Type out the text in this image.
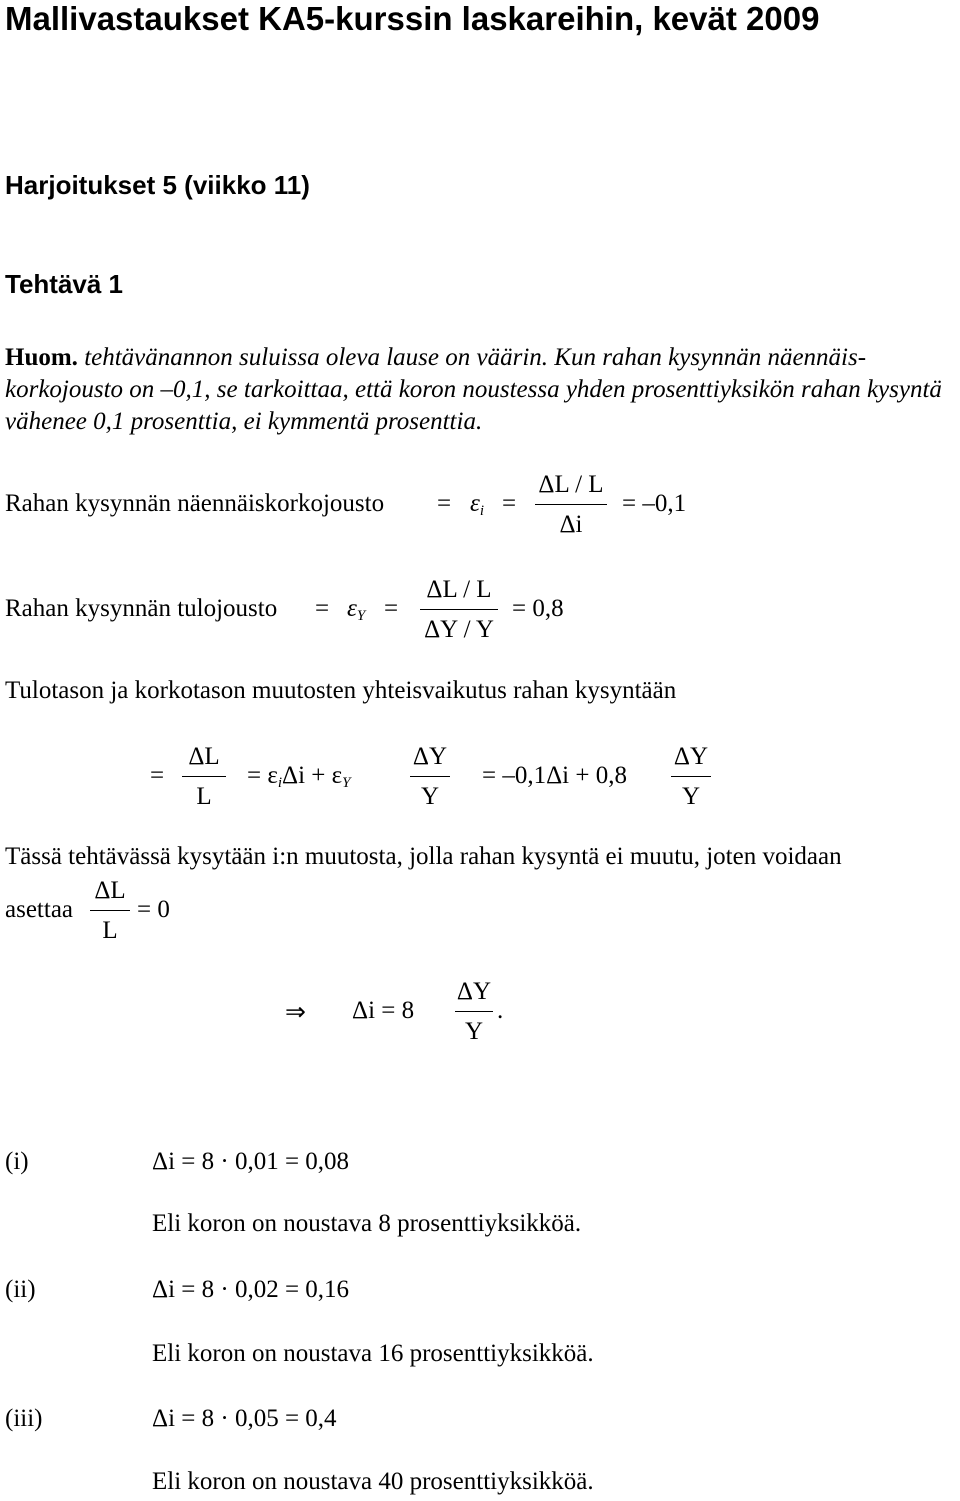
Mallivastaukset KA5-kurssin laskareihin, kevät 2009
Harjoitukset 5 (viikko 11)
Tehtävä 1
Huom. tehtävänannon suluissa oleva lause on väärin. Kun rahan kysynnän näennäis-korkojousto on –0,1, se tarkoittaa, että koron noustessa yhden prosenttiyksikön rahan kysyntä vähenee 0,1 prosenttia, ei kymmentä prosenttia.
Rahan kysynnän näennäiskorkojousto = $\varepsilon_i$ =
ΔL / L
Δi
= –0,1
Rahan kysynnän tulojousto = $\varepsilon_Y$ =
ΔL / L
ΔY / Y
= 0,8
Tulotason ja korkotason muutosten yhteisvaikutus rahan kysyntään
=
ΔL
L
= $\varepsilon_i\Delta i + \varepsilon_Y$
ΔY
Y
= –0,1Δi + 0,8
ΔY
Y
Tässä tehtävässä kysytään i:n muutosta, jolla rahan kysyntä ei muutu, joten voidaan
asettaa
ΔL
L
= 0
⇒ Δi = 8
ΔY
Y
.
(i)	Δi = 8 · 0,01 = 0,08
Eli koron on noustava 8 prosenttiyksikköä.
(ii)	Δi = 8 · 0,02 = 0,16
Eli koron on noustava 16 prosenttiyksikköä.
(iii)	Δi = 8 · 0,05 = 0,4
Eli koron on noustava 40 prosenttiyksikköä.
